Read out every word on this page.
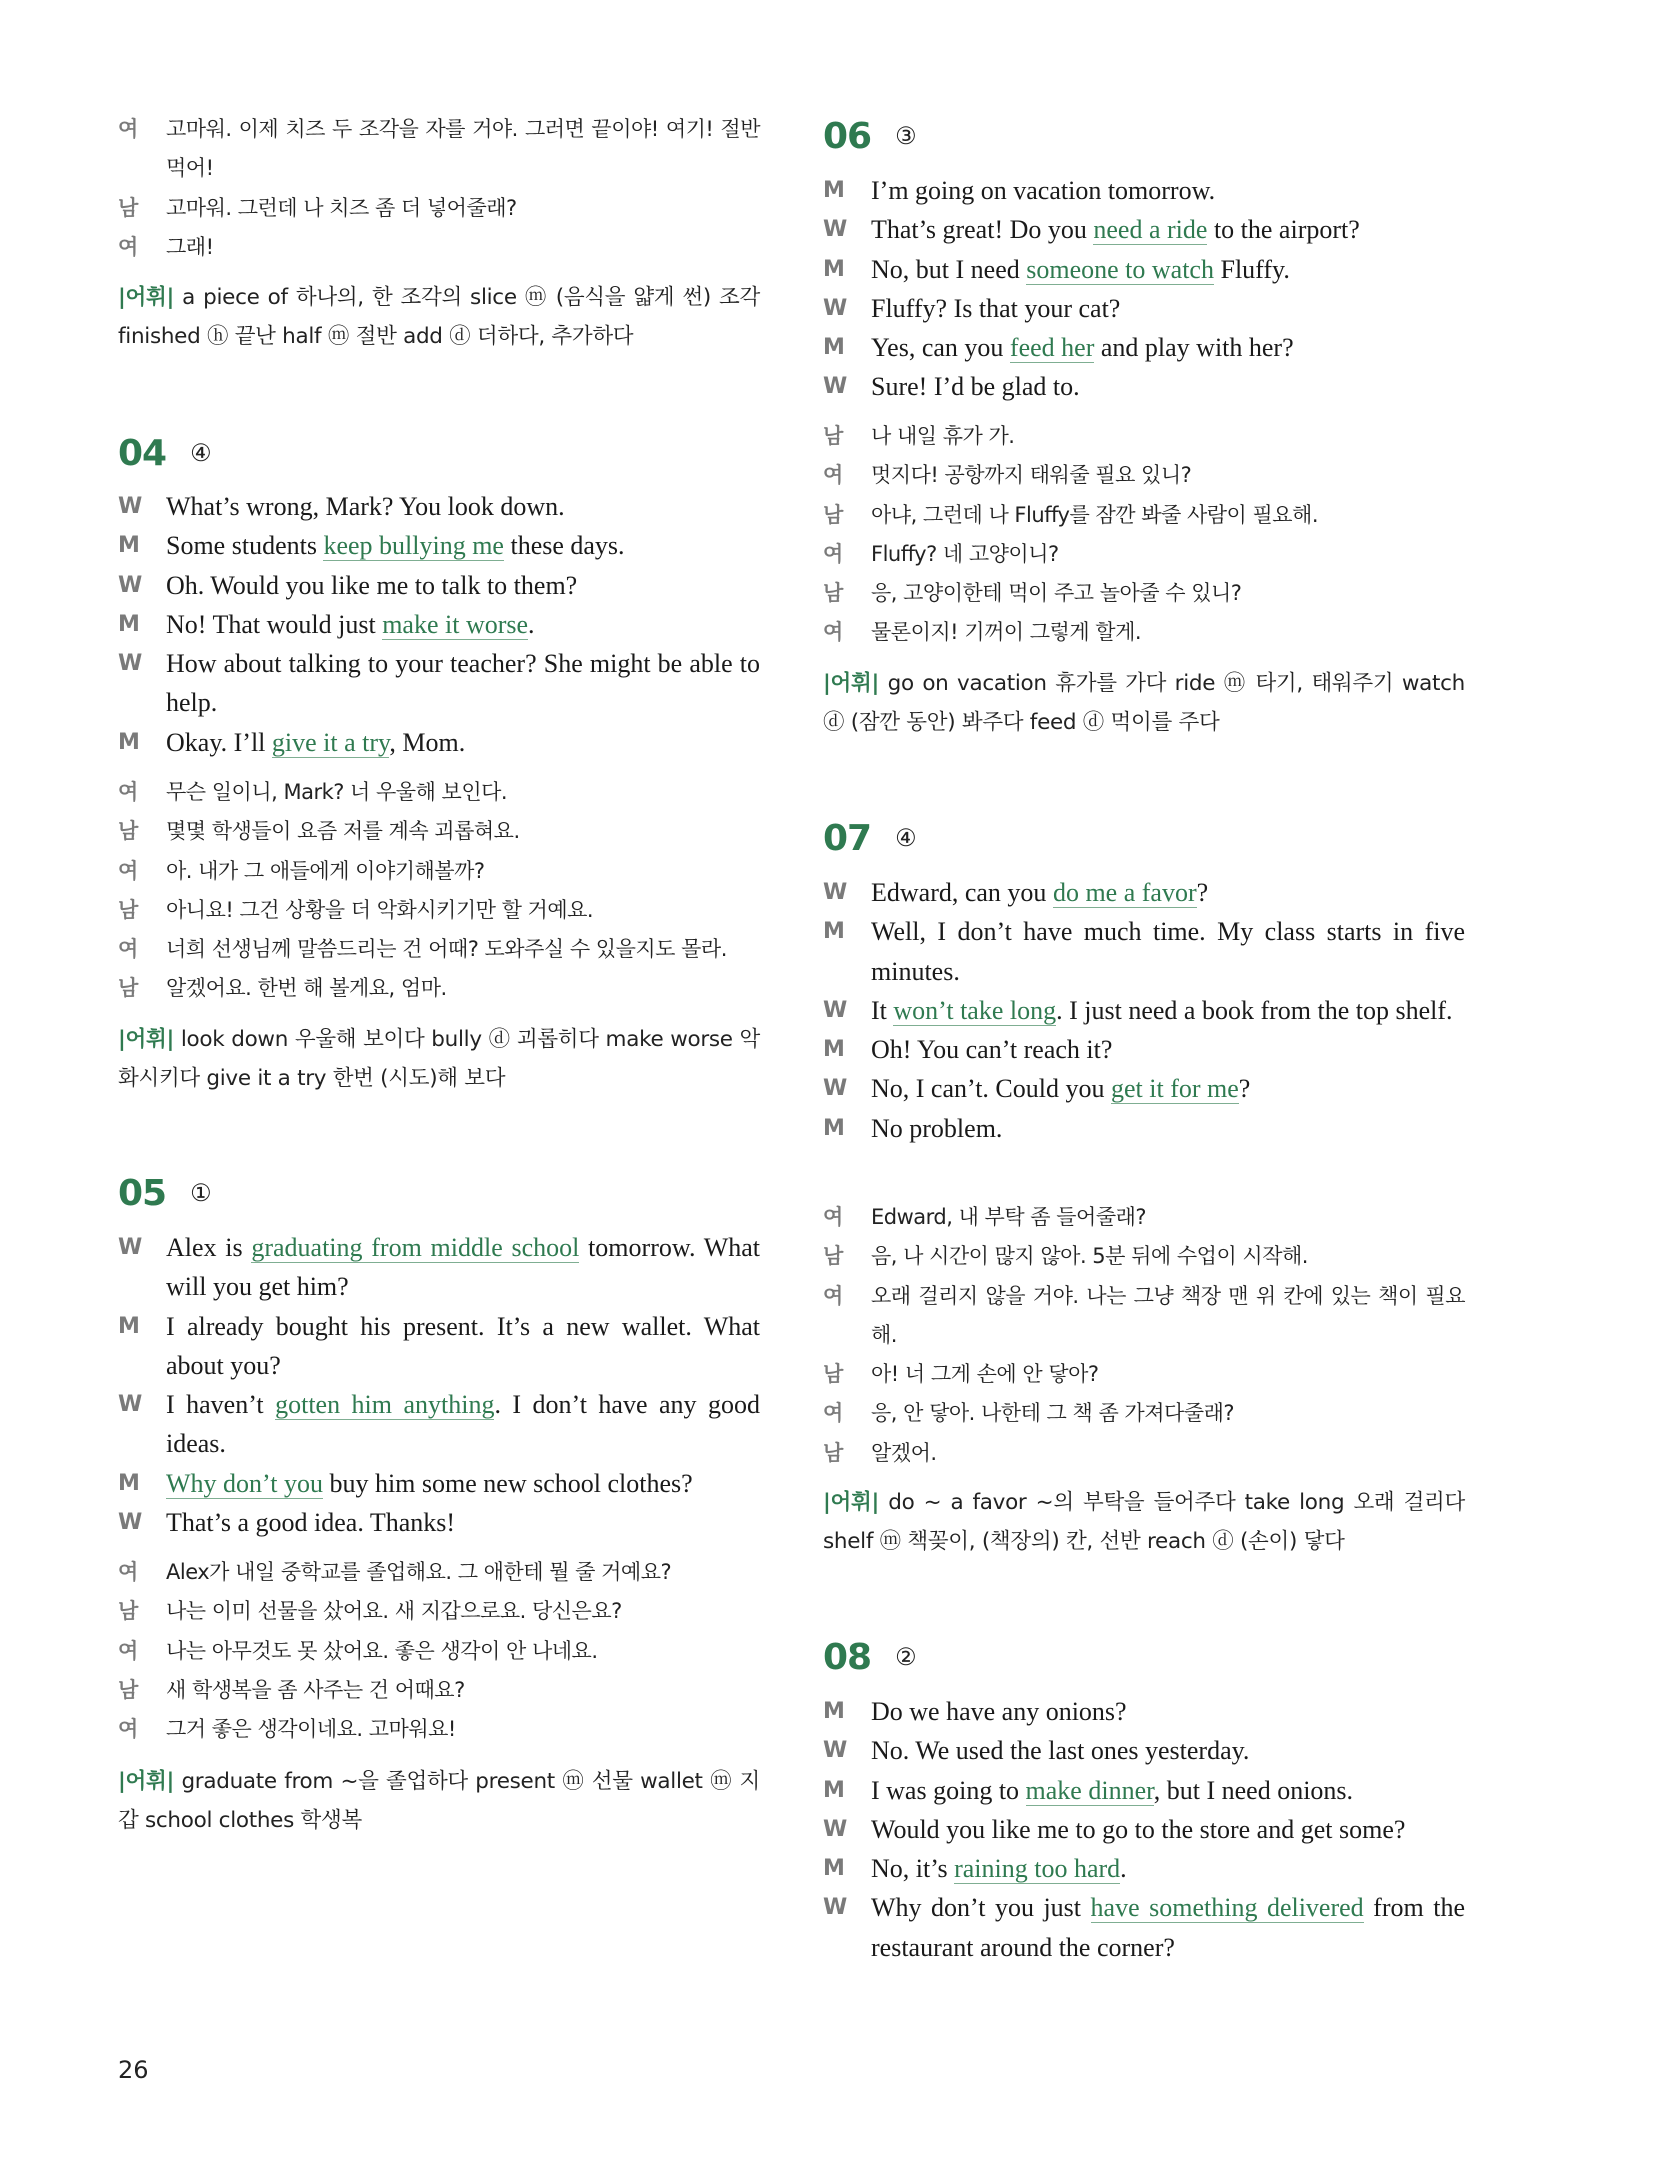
여	고마워. 이제 치즈 두 조각을 자를 거야. 그러면 끝이야! 여기! 절반 먹어!
남	고마워. 그런데 나 치즈 좀 더 넣어줄래?
여	그래!
|어휘| a piece of 하나의, 한 조각의 slice ⓜ (음식을 얇게 썬) 조각 finished ⓗ 끝난 half ⓜ 절반 add ⓓ 더하다, 추가하다
04 ④
W What’s wrong, Mark? You look down.
M	Some students keep bullying me these days.
W Oh. Would you like me to talk to them?
M	No! That would just make it worse.
W How about talking to your teacher? She might be able to help.
M	Okay. I’ll give it a try, Mom.
여	무슨 일이니, Mark? 너 우울해 보인다.
남	몇몇 학생들이 요즘 저를 계속 괴롭혀요.
여	아. 내가 그 애들에게 이야기해볼까?
남	아니요! 그건 상황을 더 악화시키기만 할 거예요.
여	너희 선생님께 말씀드리는 건 어때? 도와주실 수 있을지도 몰라.
남	알겠어요. 한번 해 볼게요, 엄마.
|어휘| look down 우울해 보이다 bully ⓓ 괴롭히다 make worse 악화시키다 give it a try 한번 (시도)해 보다
05 ①
W Alex is graduating from middle school tomorrow. What will you get him?
M	I already bought his present. It’s a new wallet. What about you?
W I haven’t gotten him anything. I don’t have any good ideas.
M	Why don’t you buy him some new school clothes?
W That’s a good idea. Thanks!
여	Alex가 내일 중학교를 졸업해요. 그 애한테 뭘 줄 거예요?
남	나는 이미 선물을 샀어요. 새 지갑으로요. 당신은요?
여	나는 아무것도 못 샀어요. 좋은 생각이 안 나네요.
남	새 학생복을 좀 사주는 건 어때요?
여	그거 좋은 생각이네요. 고마워요!
|어휘| graduate from ~을 졸업하다 present ⓜ 선물 wallet ⓜ 지갑 school clothes 학생복
06 ③
M	I’m going on vacation tomorrow.
W That’s great! Do you need a ride to the airport?
M	No, but I need someone to watch Fluffy.
W Fluffy? Is that your cat?
M	Yes, can you feed her and play with her?
W Sure! I’d be glad to.
남	나 내일 휴가 가.
여	멋지다! 공항까지 태워줄 필요 있니?
남	아냐, 그런데 나 Fluffy를 잠깐 봐줄 사람이 필요해.
여	Fluffy? 네 고양이니?
남	응, 고양이한테 먹이 주고 놀아줄 수 있니?
여	물론이지! 기꺼이 그렇게 할게.
|어휘| go on vacation 휴가를 가다 ride ⓜ 타기, 태워주기 watch ⓓ (잠깐 동안) 봐주다 feed ⓓ 먹이를 주다
07 ④
W Edward, can you do me a favor?
M	Well, I don’t have much time. My class starts in five minutes.
W It won’t take long. I just need a book from the top shelf.
M	Oh! You can’t reach it?
W No, I can’t. Could you get it for me?
M	No problem.
여	Edward, 내 부탁 좀 들어줄래?
남	음, 나 시간이 많지 않아. 5분 뒤에 수업이 시작해.
여	오래 걸리지 않을 거야. 나는 그냥 책장 맨 위 칸에 있는 책이 필요해.
남	아! 너 그게 손에 안 닿아?
여	응, 안 닿아. 나한테 그 책 좀 가져다줄래?
남	알겠어.
|어휘| do ~ a favor ~의 부탁을 들어주다 take long 오래 걸리다 shelf ⓜ 책꽂이, (책장의) 칸, 선반 reach ⓓ (손이) 닿다
08 ②
M	Do we have any onions?
W No. We used the last ones yesterday.
M	I was going to make dinner, but I need onions.
W Would you like me to go to the store and get some?
M	No, it’s raining too hard.
W Why don’t you just have something delivered from the restaurant around the corner?
26
